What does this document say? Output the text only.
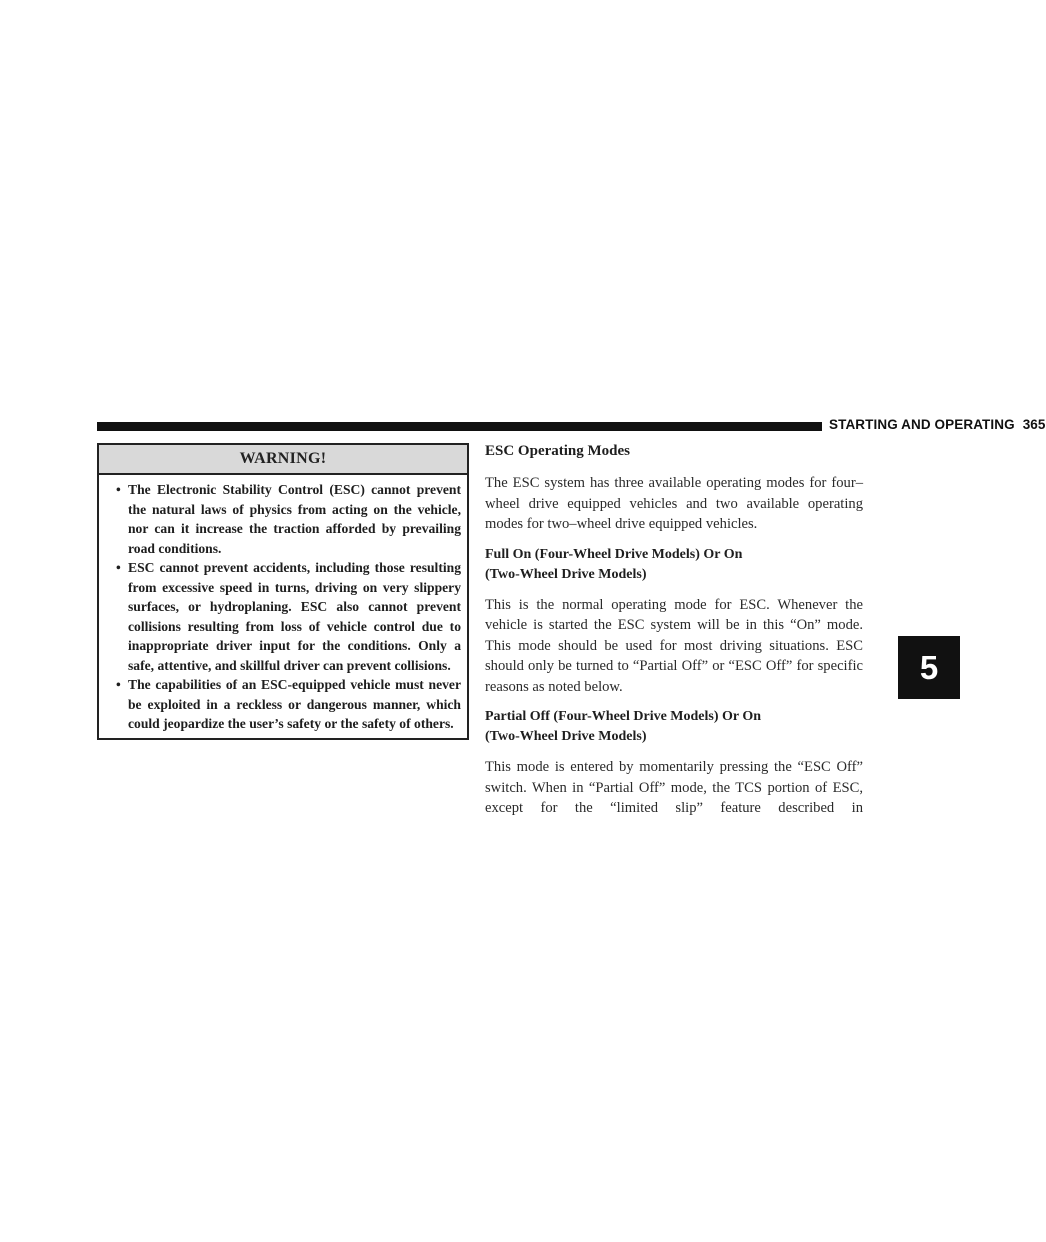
STARTING AND OPERATING 365
5
WARNING!
• The Electronic Stability Control (ESC) cannot prevent the natural laws of physics from acting on the vehicle, nor can it increase the traction afforded by prevailing road conditions.
• ESC cannot prevent accidents, including those resulting from excessive speed in turns, driving on very slippery surfaces, or hydroplaning. ESC also cannot prevent collisions resulting from loss of vehicle control due to inappropriate driver input for the conditions. Only a safe, attentive, and skillful driver can prevent collisions.
• The capabilities of an ESC-equipped vehicle must never be exploited in a reckless or dangerous manner, which could jeopardize the user’s safety or the safety of others.
ESC Operating Modes

The ESC system has three available operating modes for four–wheel drive equipped vehicles and two available operating modes for two–wheel drive equipped vehicles.

Full On (Four-Wheel Drive Models) Or On
(Two-Wheel Drive Models)

This is the normal operating mode for ESC. Whenever the vehicle is started the ESC system will be in this “On” mode. This mode should be used for most driving situations. ESC should only be turned to “Partial Off” or “ESC Off” for specific reasons as noted below.

Partial Off (Four-Wheel Drive Models) Or On
(Two-Wheel Drive Models)

This mode is entered by momentarily pressing the “ESC Off” switch. When in “Partial Off” mode, the TCS portion of ESC, except for the “limited slip” feature described in
